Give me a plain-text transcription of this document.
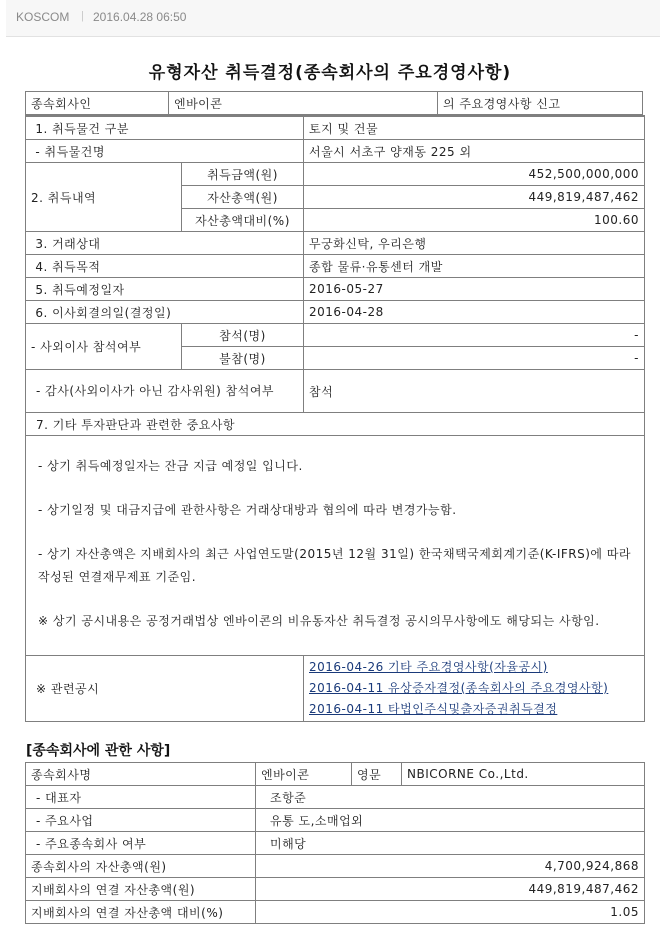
KOSCOM | 2016.04.28 06:50
유형자산 취득결정(종속회사의 주요경영사항)
종속회사인	엔바이콘	의 주요경영사항 신고
1. 취득물건 구분		토지 및 건물
- 취득물건명		서울시 서초구 양재동 225 외
2. 취득내역	취득금액(원)	452,500,000,000
	자산총액(원)	449,819,487,462
	자산총액대비(%)	100.60
3. 거래상대		무궁화신탁, 우리은행
4. 취득목적		종합 물류·유통센터 개발
5. 취득예정일자		2016-05-27
6. 이사회결의일(결정일)		2016-04-28
- 사외이사 참석여부	참석(명)	-
	불참(명)	-
- 감사(사외이사가 아닌 감사위원) 참석여부		참석
7. 기타 투자판단과 관련한 중요사항		

- 상기 취득예정일자는 잔금 지급 예정일 입니다.

- 상기일정 및 대금지급에 관한사항은 거래상대방과 협의에 따라 변경가능함.

- 상기 자산총액은 지배회사의 최근 사업연도말(2015년 12월 31일) 한국채택국제회계기준(K-IFRS)에 따라 작성된 연결재무제표 기준임.

※ 상기 공시내용은 공정거래법상 엔바이콘의 비유동자산 취득결정 공시의무사항에도 해당되는 사항임.		

※ 관련공시		2016-04-26 기타 주요경영사항(자율공시)
2016-04-11 유상증자결정(종속회사의 주요경영사항)
2016-04-11 타법인주식및출자증권취득결정
[종속회사에 관한 사항]
종속회사명	엔바이콘	영문	NBICORNE Co.,Ltd.
- 대표자	조항준		
- 주요사업	유통 도,소매업외		
- 주요종속회사 여부	미해당		
종속회사의 자산총액(원)	4,700,924,868		
지배회사의 연결 자산총액(원)	449,819,487,462		
지배회사의 연결 자산총액 대비(%)	1.05		
